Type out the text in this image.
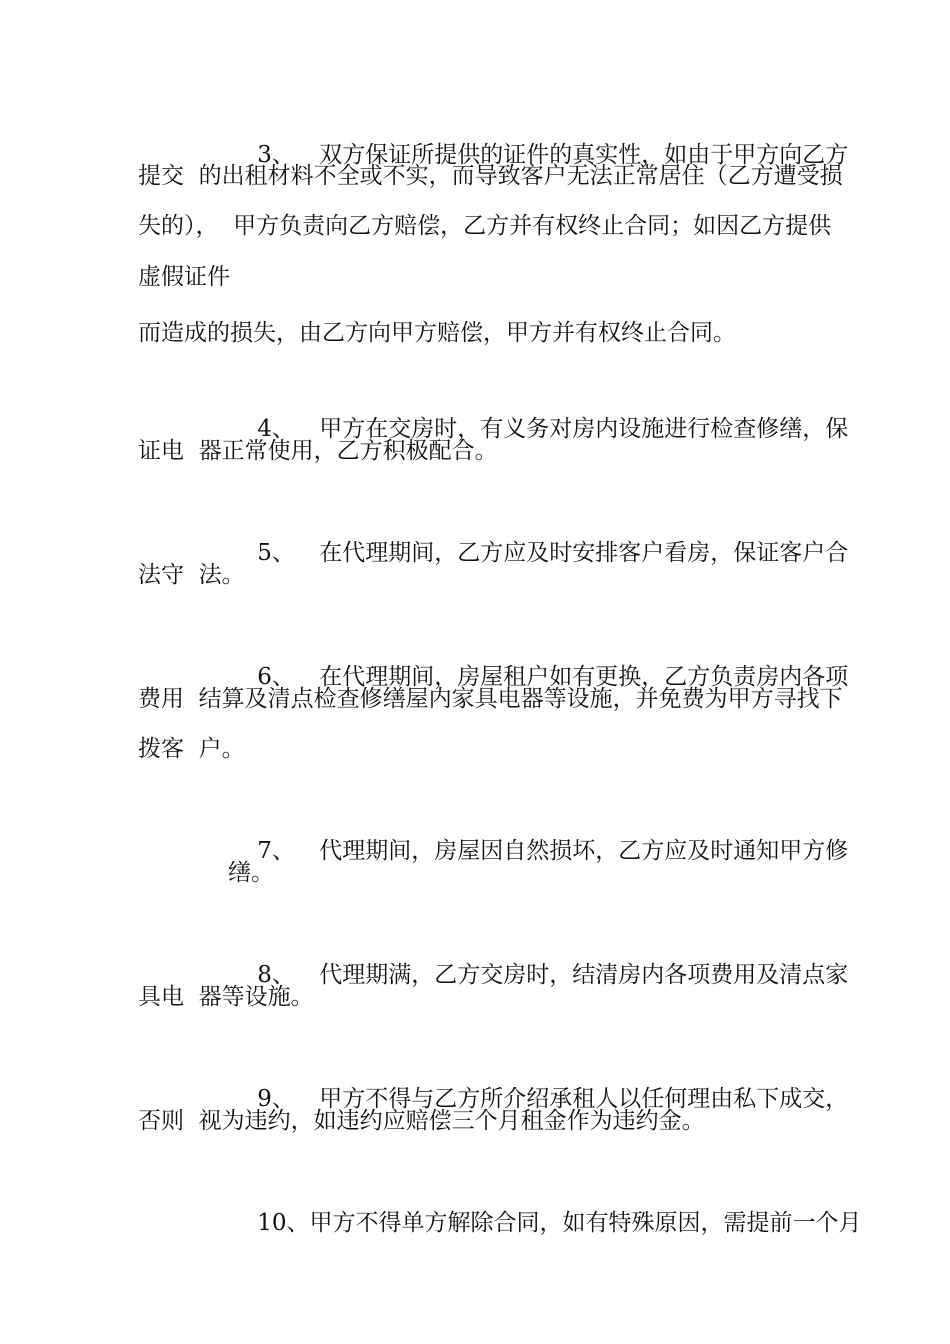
3、 双方保证所提供的证件的真实性，如由于甲方向乙方

提交  的出租材料不全或不实，而导致客户无法正常居住（乙方遭受损
失的），  甲方负责向乙方赔偿，乙方并有权终止合同；如因乙方提供
虚假证件
而造成的损失，由乙方向甲方赔偿，甲方并有权终止合同。

4、 甲方在交房时，有义务对房内设施进行检查修缮，保

证电  器正常使用，乙方积极配合。

5、 在代理期间，乙方应及时安排客户看房，保证客户合

法守  法。

6、 在代理期间，房屋租户如有更换，乙方负责房内各项

费用  结算及清点检查修缮屋内家具电器等设施，并免费为甲方寻找下
拨客  户。

7、 代理期间，房屋因自然损坏，乙方应及时通知甲方修

缮。

8、 代理期满，乙方交房时，结清房内各项费用及清点家

具电  器等设施。

9、 甲方不得与乙方所介绍承租人以任何理由私下成交，

否则  视为违约，如违约应赔偿三个月租金作为违约金。

10、甲方不得单方解除合同，如有特殊原因，需提前一个月
